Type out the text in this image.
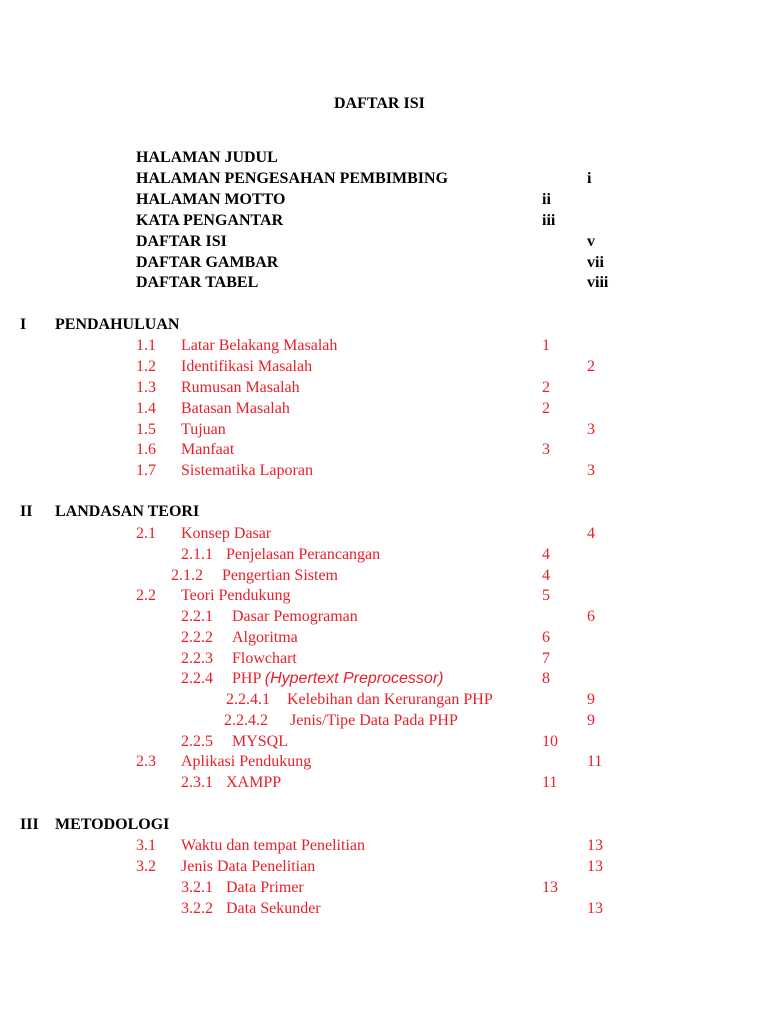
DAFTAR ISI
HALAMAN JUDUL
HALAMAN PENGESAHAN PEMBIMBING	i
HALAMAN MOTTO	ii
KATA PENGANTAR	iii
DAFTAR ISI	v
DAFTAR GAMBAR	vii
DAFTAR TABEL	viii
I PENDAHULUAN
1.1 Latar Belakang Masalah	1
1.2 Identifikasi Masalah	2
1.3 Rumusan Masalah	2
1.4 Batasan Masalah	2
1.5 Tujuan	3
1.6 Manfaat	3
1.7 Sistematika Laporan	3
II LANDASAN TEORI
2.1 Konsep Dasar	4
2.1.1 Penjelasan Perancangan	4
2.1.2 Pengertian Sistem	4
2.2 Teori Pendukung	5
2.2.1 Dasar Pemograman	6
2.2.2 Algoritma	6
2.2.3 Flowchart	7
2.2.4 PHP (Hypertext Preprocessor)	8
2.2.4.1 Kelebihan dan Kerurangan PHP	9
2.2.4.2 Jenis/Tipe Data Pada PHP	9
2.2.5 MYSQL	10
2.3 Aplikasi Pendukung	11
2.3.1 XAMPP	11
III METODOLOGI
3.1 Waktu dan tempat Penelitian	13
3.2 Jenis Data Penelitian	13
3.2.1 Data Primer	13
3.2.2 Data Sekunder	13
